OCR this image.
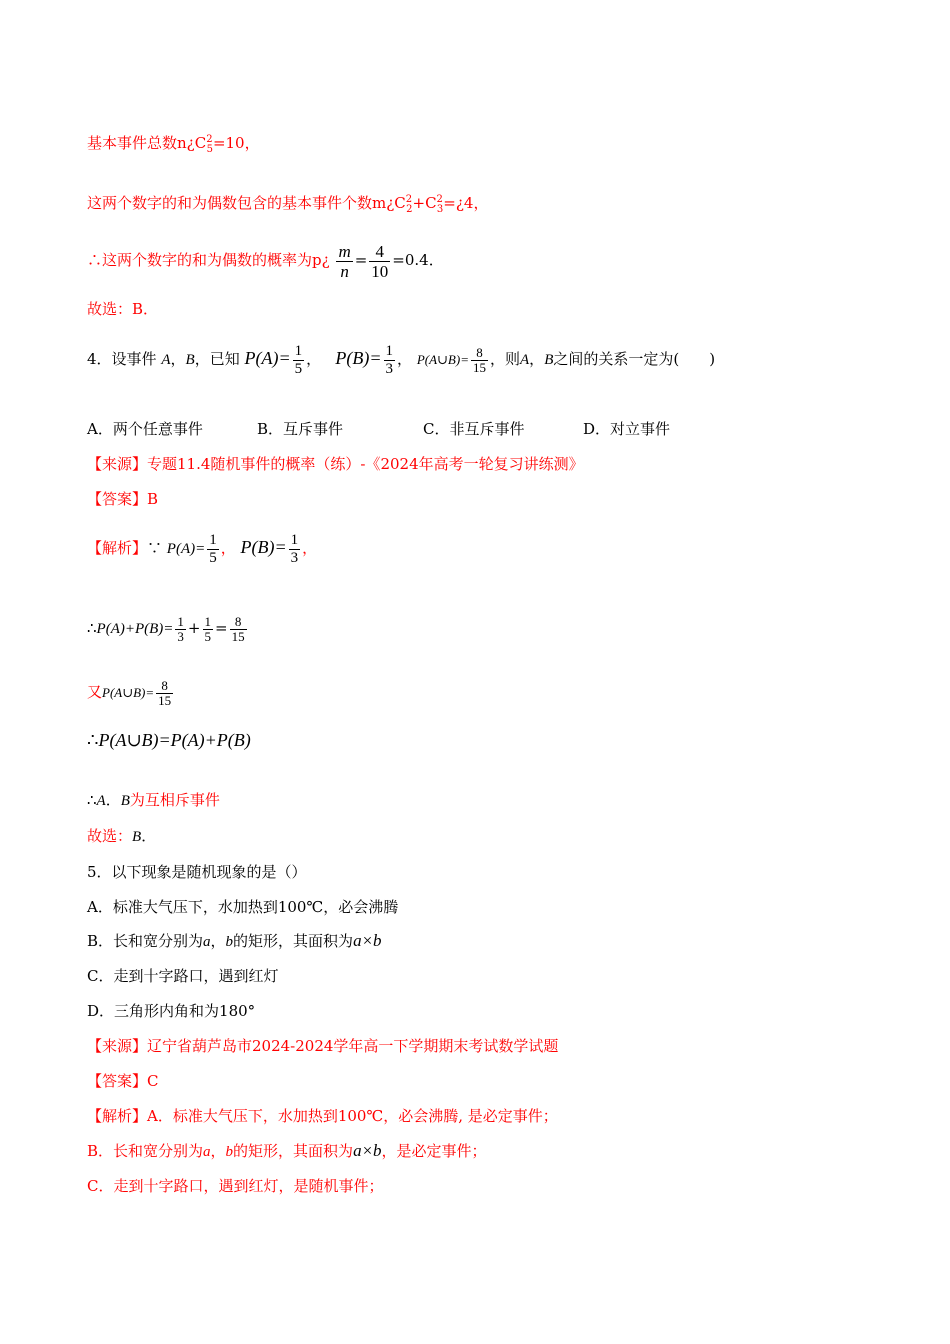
基本事件总数$n¿C^2_5=10$，
这两个数字的和为偶数包含的基本事件个数$m¿C^2_2+C^2_3=¿4$，
∴这两个数字的和为偶数的概率为p¿ $\frac{m}{n} = \frac{4}{10} =0.4$．
故选：B．
4．设事件 A，B，已知 $P(A)= \frac{1}{5}$ ，   $P(B)= \frac{1}{3}$ ， P(A∪B)= $\frac{8}{15}$ ，则A，B之间的关系一定为(　　)
A．两个任意事件	B．互斥事件	C．非互斥事件	D．对立事件
【来源】专题11.4随机事件的概率（练）-《2024年高考一轮复习讲练测》
【答案】B
【解析】∵ $P(A)= \frac{1}{5}$ ， $P(B)= \frac{1}{3}$ ，
∴P(A)+P(B)= $\frac{1}{3} + \frac{1}{5} = \frac{8}{15}$
又P(A∪B)= $\frac{8}{15}$
∴P(A∪B)=P(A)+P(B)
∴A．B为互相斥事件
故选：B．
5．以下现象是随机现象的是（）
A．标准大气压下，水加热到100℃，必会沸腾
B．长和宽分别为a，b的矩形，其面积为a×b
C．走到十字路口，遇到红灯
D．三角形内角和为180°
【来源】辽宁省葫芦岛市2024-2024学年高一下学期期末考试数学试题
【答案】C
【解析】A．标准大气压下，水加热到100℃，必会沸腾, 是必定事件；
B．长和宽分别为a，b的矩形，其面积为a×b，是必定事件；
C．走到十字路口，遇到红灯，是随机事件；
